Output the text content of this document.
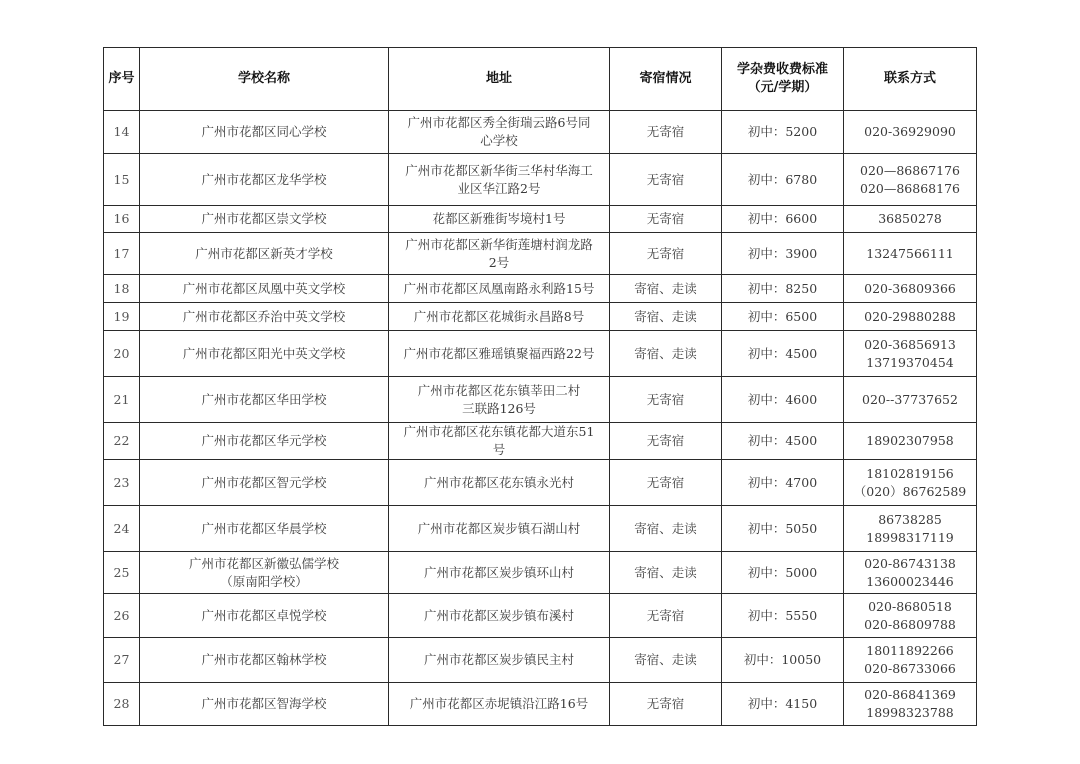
序号	学校名称	地址	寄宿情况	学杂费收费标准
（元/学期）	联系方式
14	广州市花都区同心学校	广州市花都区秀全街瑞云路6号同
心学校	无寄宿	初中：5200	020-36929090

15	广州市花都区龙华学校	广州市花都区新华街三华村华海工
业区华江路2号	无寄宿	初中：6780	020—86867176
020—86868176

16	广州市花都区崇文学校	花都区新雅街岑境村1号	无寄宿	初中：6600	36850278

17	广州市花都区新英才学校	广州市花都区新华街莲塘村润龙路
2号	无寄宿	初中：3900	13247566111

18	广州市花都区凤凰中英文学校	广州市花都区凤凰南路永利路15号	寄宿、走读	初中：8250	020-36809366

19	广州市花都区乔治中英文学校	广州市花都区花城街永昌路8号	寄宿、走读	初中：6500	020-29880288

20	广州市花都区阳光中英文学校	广州市花都区雅瑶镇聚福西路22号	寄宿、走读	初中：4500	020-36856913
13719370454

21	广州市花都区华田学校	广州市花都区花东镇莘田二村
三联路126号	无寄宿	初中：4600	020--37737652

22	广州市花都区华元学校	广州市花都区花东镇花都大道东51
号	无寄宿	初中：4500	18902307958

23	广州市花都区智元学校	广州市花都区花东镇永光村	无寄宿	初中：4700	18102819156
（020）86762589

24	广州市花都区华晨学校	广州市花都区炭步镇石湖山村	寄宿、走读	初中：5050	86738285
18998317119

25	广州市花都区新徽弘儒学校
（原南阳学校）	广州市花都区炭步镇环山村	寄宿、走读	初中：5000	020-86743138
13600023446

26	广州市花都区卓悦学校	广州市花都区炭步镇布溪村	无寄宿	初中：5550	020-8680518
020-86809788

27	广州市花都区翰林学校	广州市花都区炭步镇民主村	寄宿、走读	初中：10050	18011892266
020-86733066

28	广州市花都区智海学校	广州市花都区赤坭镇沿江路16号	无寄宿	初中：4150	020-86841369
18998323788
